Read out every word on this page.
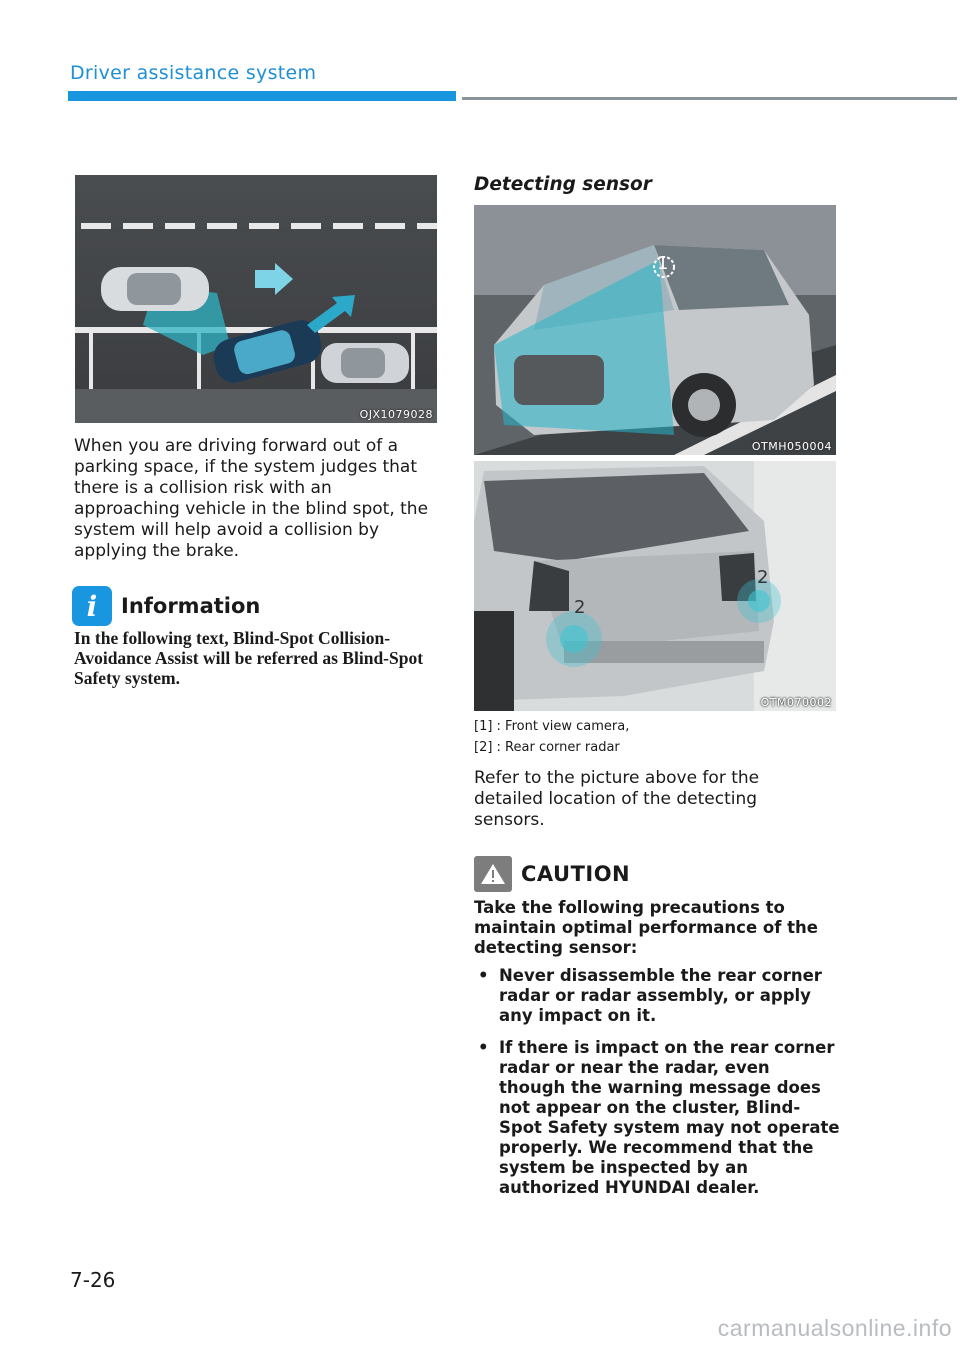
Driver assistance system
OJX1079028
When you are driving forward out of a parking space, if the system judges that there is a collision risk with an approaching vehicle in the blind spot, the system will help avoid a collision by applying the brake.
i	Information
In the following text, Blind-Spot Collision-Avoidance Assist will be referred as Blind-Spot Safety system.
Detecting sensor
1
OTMH050004
2
2
OTM070002
[1] : Front view camera,
[2] : Rear corner radar
Refer to the picture above for the detailed location of the detecting sensors.
CAUTION
Take the following precautions to maintain optimal performance of the detecting sensor:
• Never disassemble the rear corner radar or radar assembly, or apply any impact on it.
• If there is impact on the rear corner radar or near the radar, even though the warning message does not appear on the cluster, Blind-Spot Safety system may not operate properly. We recommend that the system be inspected by an authorized HYUNDAI dealer.
7-26
carmanualsonline.info
